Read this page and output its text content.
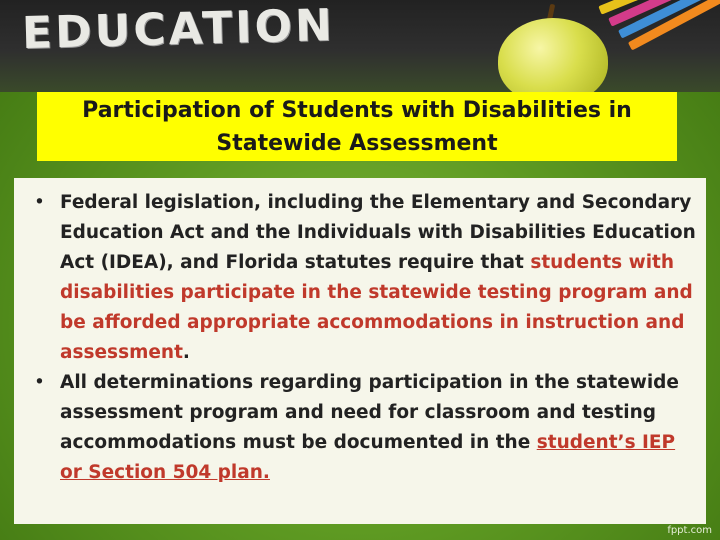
EDUCATION

Participation of Students with Disabilities in
Statewide Assessment

• Federal legislation, including the Elementary and Secondary Education Act and the Individuals with Disabilities Education Act (IDEA), and Florida statutes require that students with disabilities participate in the statewide testing program and be afforded appropriate accommodations in instruction and assessment.
• All determinations regarding participation in the statewide assessment program and need for classroom and testing accommodations must be documented in the student’s IEP or Section 504 plan.
fppt.com
